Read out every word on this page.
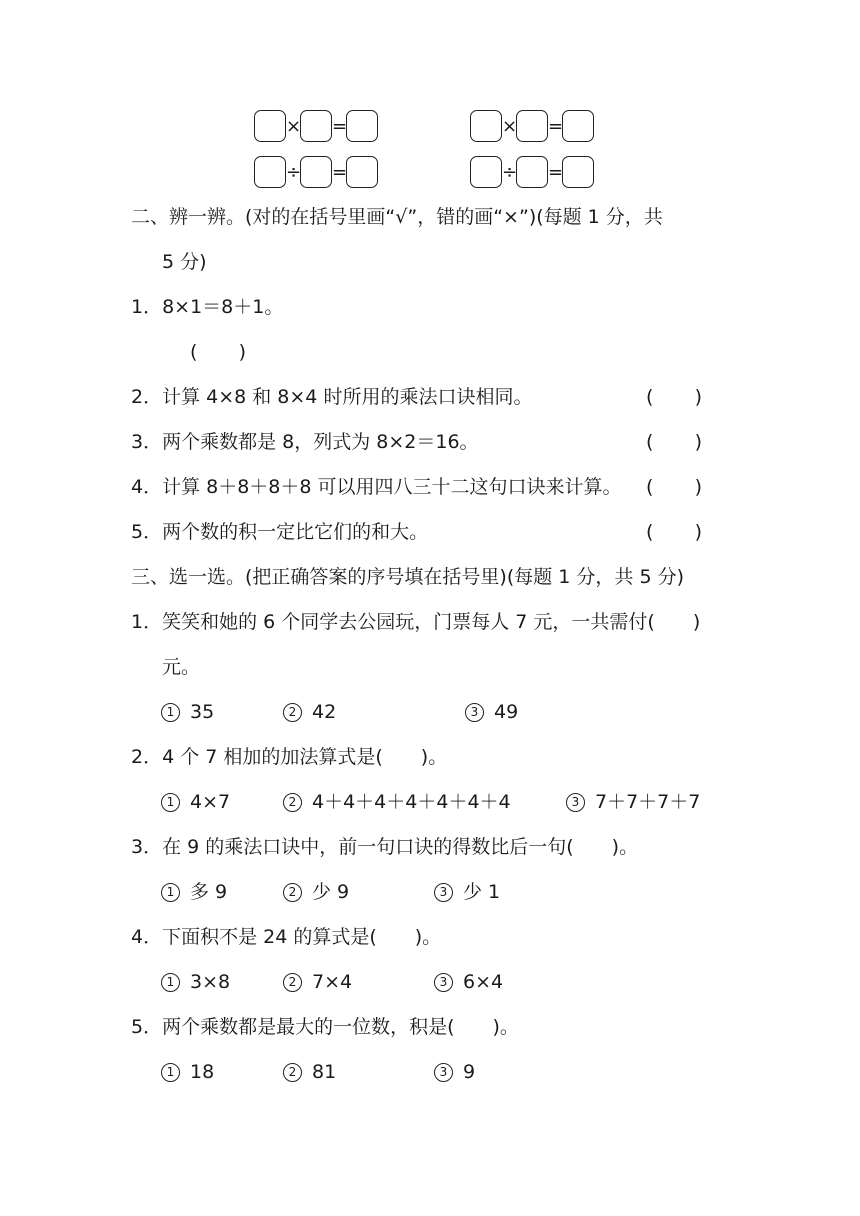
× =	× =
÷ =	÷ =
二、辨一辨。(对的在括号里画“√”，错的画“×”)(每题 1 分，共
5 分)
1．8×1＝8＋1。
( )
2．计算 4×8 和 8×4 时所用的乘法口诀相同。	( )
3．两个乘数都是 8，列式为 8×2＝16。	( )
4．计算 8＋8＋8＋8 可以用四八三十二这句口诀来计算。 ( )
5．两个数的积一定比它们的和大。	( )
三、选一选。(把正确答案的序号填在括号里)(每题 1 分，共 5 分)
1．笑笑和她的 6 个同学去公园玩，门票每人 7 元，一共需付(　　)
元。
1 35	2 42	3 49
2．4 个 7 相加的加法算式是(　　)。
1 4×7	2 4＋4＋4＋4＋4＋4＋4	3 7＋7＋7＋7
3．在 9 的乘法口诀中，前一句口诀的得数比后一句(　　)。
1 多 9	2 少 9	3 少 1
4．下面积不是 24 的算式是(　　)。
1 3×8	2 7×4	3 6×4
5．两个乘数都是最大的一位数，积是(　　)。
1 18	2 81	3 9
